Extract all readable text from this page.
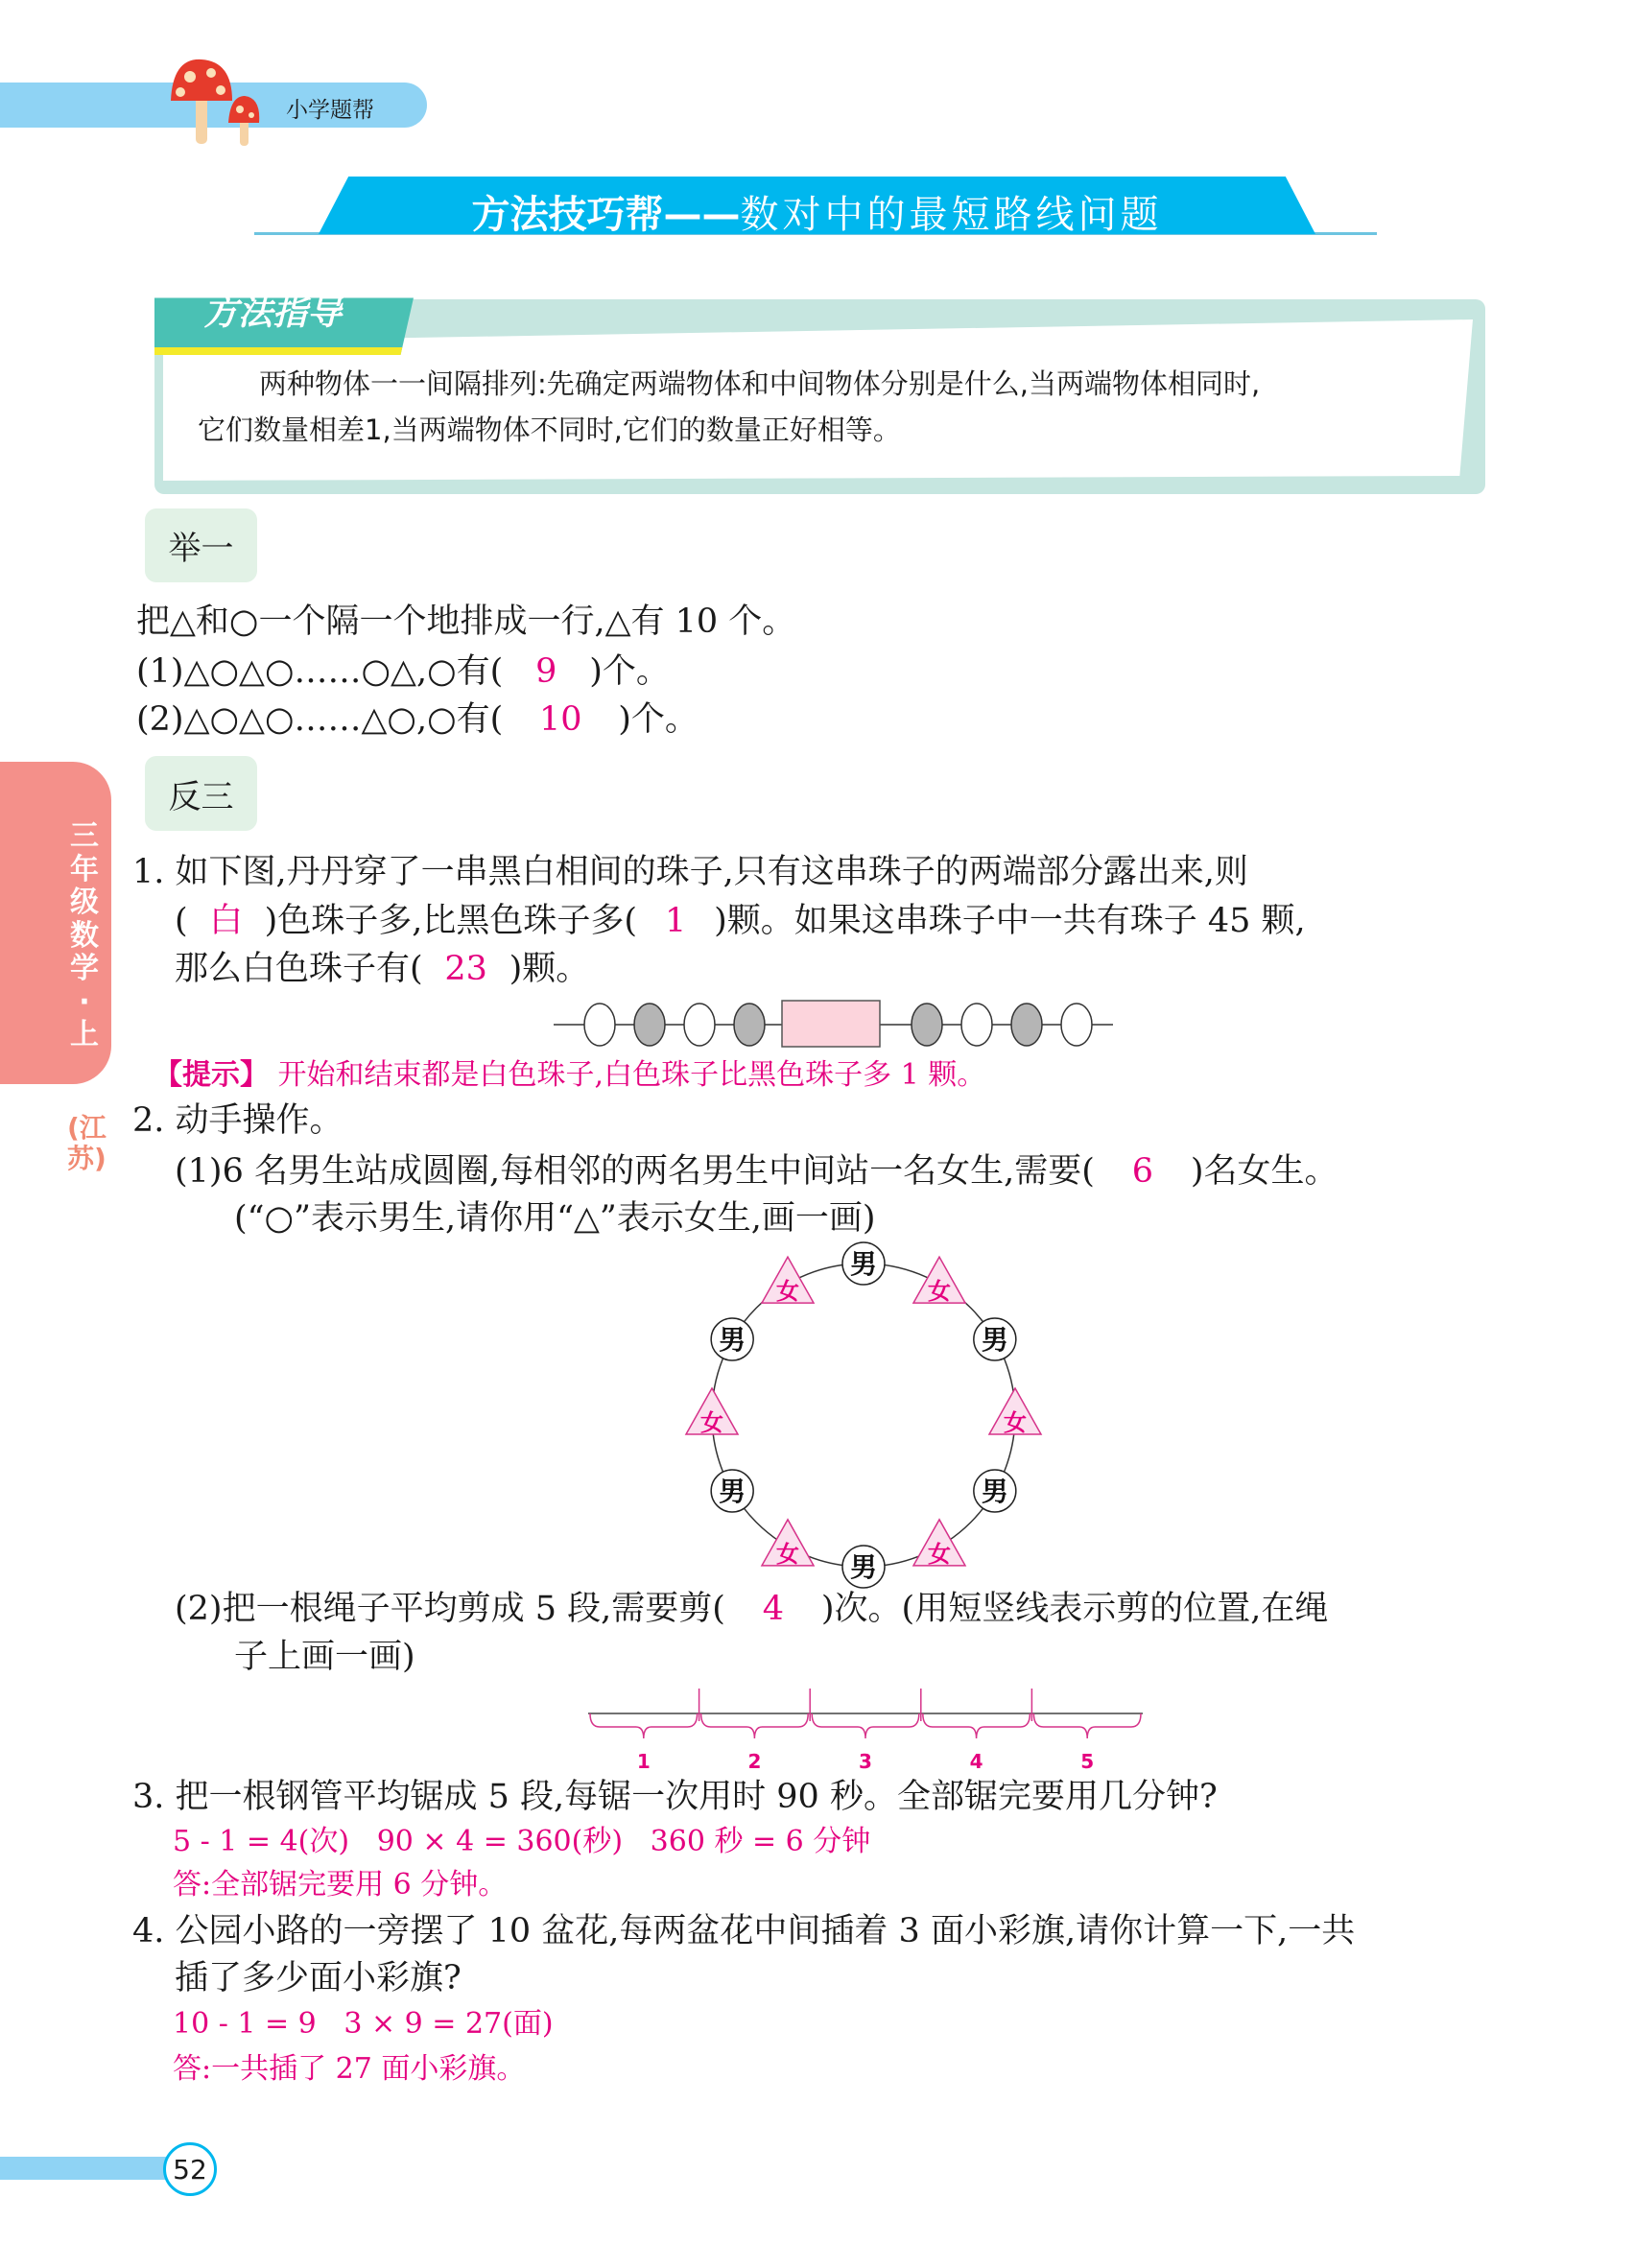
小学题帮
方法技巧帮——数对中的最短路线问题
方法指导
两种物体一一间隔排列:先确定两端物体和中间物体分别是什么,当两端物体相同时,
它们数量相差1,当两端物体不同时,它们的数量正好相等。
举一
把△和○一个隔一个地排成一行,△有 10 个。
(1)△○△○……○△,○有( 9 )个。
(2)△○△○……△○,○有( 10 )个。
反三
三年级数学·上
(江苏)
1. 如下图,丹丹穿了一串黑白相间的珠子,只有这串珠子的两端部分露出来,则
( 白 )色珠子多,比黑色珠子多( 1 )颗。如果这串珠子中一共有珠子 45 颗,
那么白色珠子有( 23 )颗。
【提示】 开始和结束都是白色珠子,白色珠子比黑色珠子多 1 颗。
2. 动手操作。
(1)6 名男生站成圆圈,每相邻的两名男生中间站一名女生,需要( 6 )名女生。
(“○”表示男生,请你用“△”表示女生,画一画)
男
女
男
女
男
女
男
女
男
女
男
女
1	2	3	4	5
(2)把一根绳子平均剪成 5 段,需要剪( 4 )次。(用短竖线表示剪的位置,在绳
子上画一画)
3. 把一根钢管平均锯成 5 段,每锯一次用时 90 秒。全部锯完要用几分钟?
5 - 1 = 4(次)   90 × 4 = 360(秒)   360 秒 = 6 分钟
答:全部锯完要用 6 分钟。
4. 公园小路的一旁摆了 10 盆花,每两盆花中间插着 3 面小彩旗,请你计算一下,一共
插了多少面小彩旗?
10 - 1 = 9   3 × 9 = 27(面)
答:一共插了 27 面小彩旗。
52
